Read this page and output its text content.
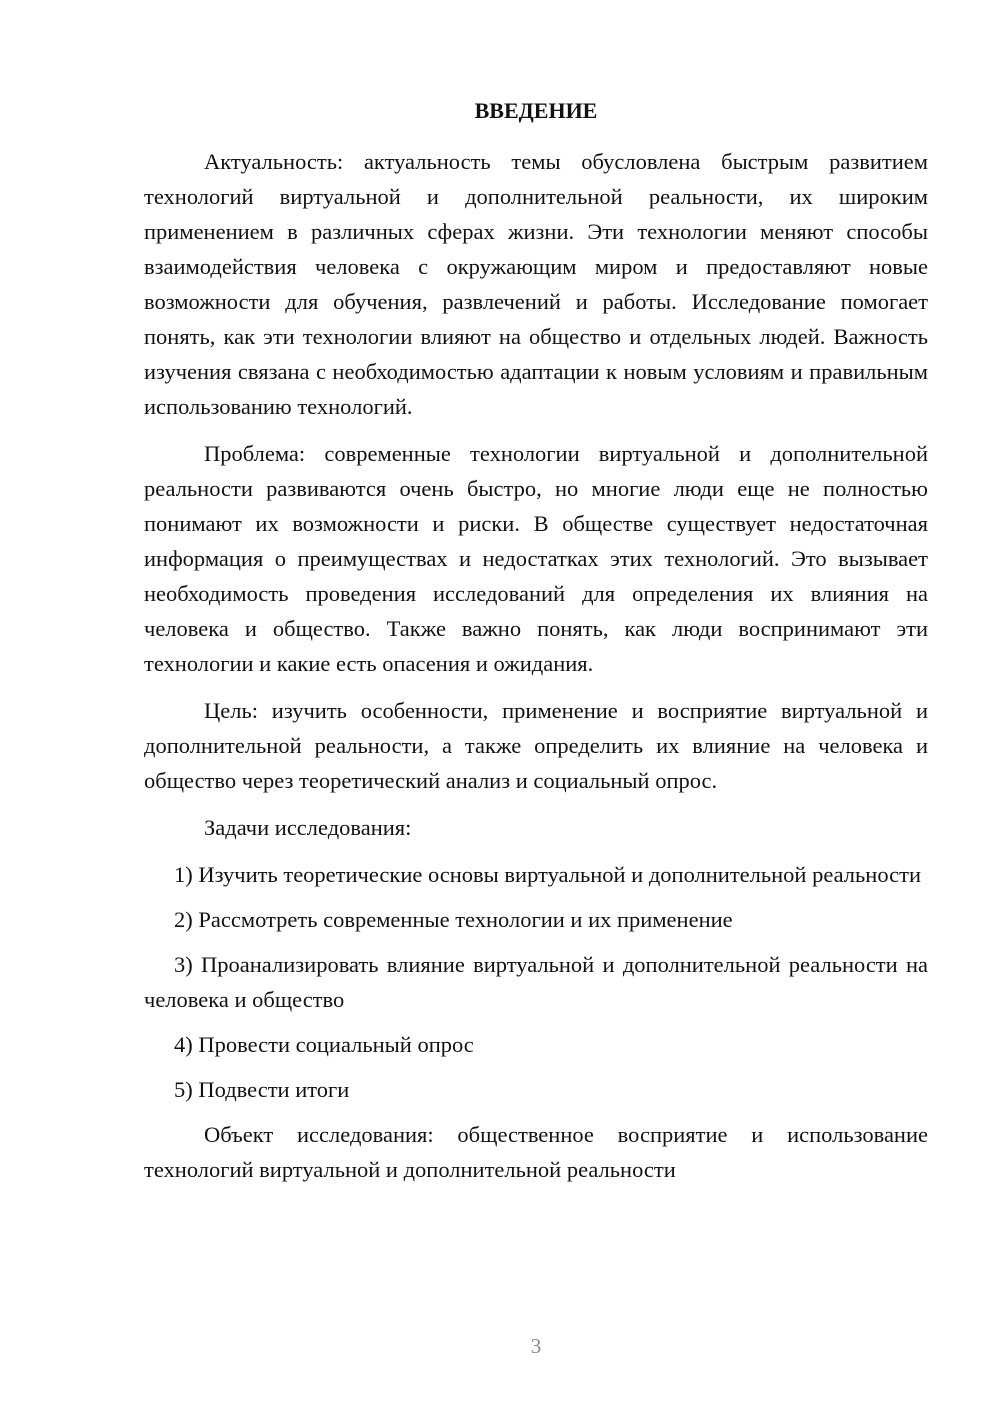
ВВЕДЕНИЕ

Актуальность: актуальность темы обусловлена быстрым развитием технологий виртуальной и дополнительной реальности, их широким применением в различных сферах жизни. Эти технологии меняют способы взаимодействия человека с окружающим миром и предоставляют новые возможности для обучения, развлечений и работы. Исследование помогает понять, как эти технологии влияют на общество и отдельных людей. Важность изучения связана с необходимостью адаптации к новым условиям и правильным использованию технологий.

Проблема: современные технологии виртуальной и дополнительной реальности развиваются очень быстро, но многие люди еще не полностью понимают их возможности и риски. В обществе существует недостаточная информация о преимуществах и недостатках этих технологий. Это вызывает необходимость проведения исследований для определения их влияния на человека и общество. Также важно понять, как люди воспринимают эти технологии и какие есть опасения и ожидания.

Цель: изучить особенности, применение и восприятие виртуальной и дополнительной реальности, а также определить их влияние на человека и общество через теоретический анализ и социальный опрос.

Задачи исследования:

1) Изучить теоретические основы виртуальной и дополнительной реальности

2) Рассмотреть современные технологии и их применение

3) Проанализировать влияние виртуальной и дополнительной реальности на человека и общество

4) Провести социальный опрос

5) Подвести итоги

Объект исследования: общественное восприятие и использование технологий виртуальной и дополнительной реальности

3
